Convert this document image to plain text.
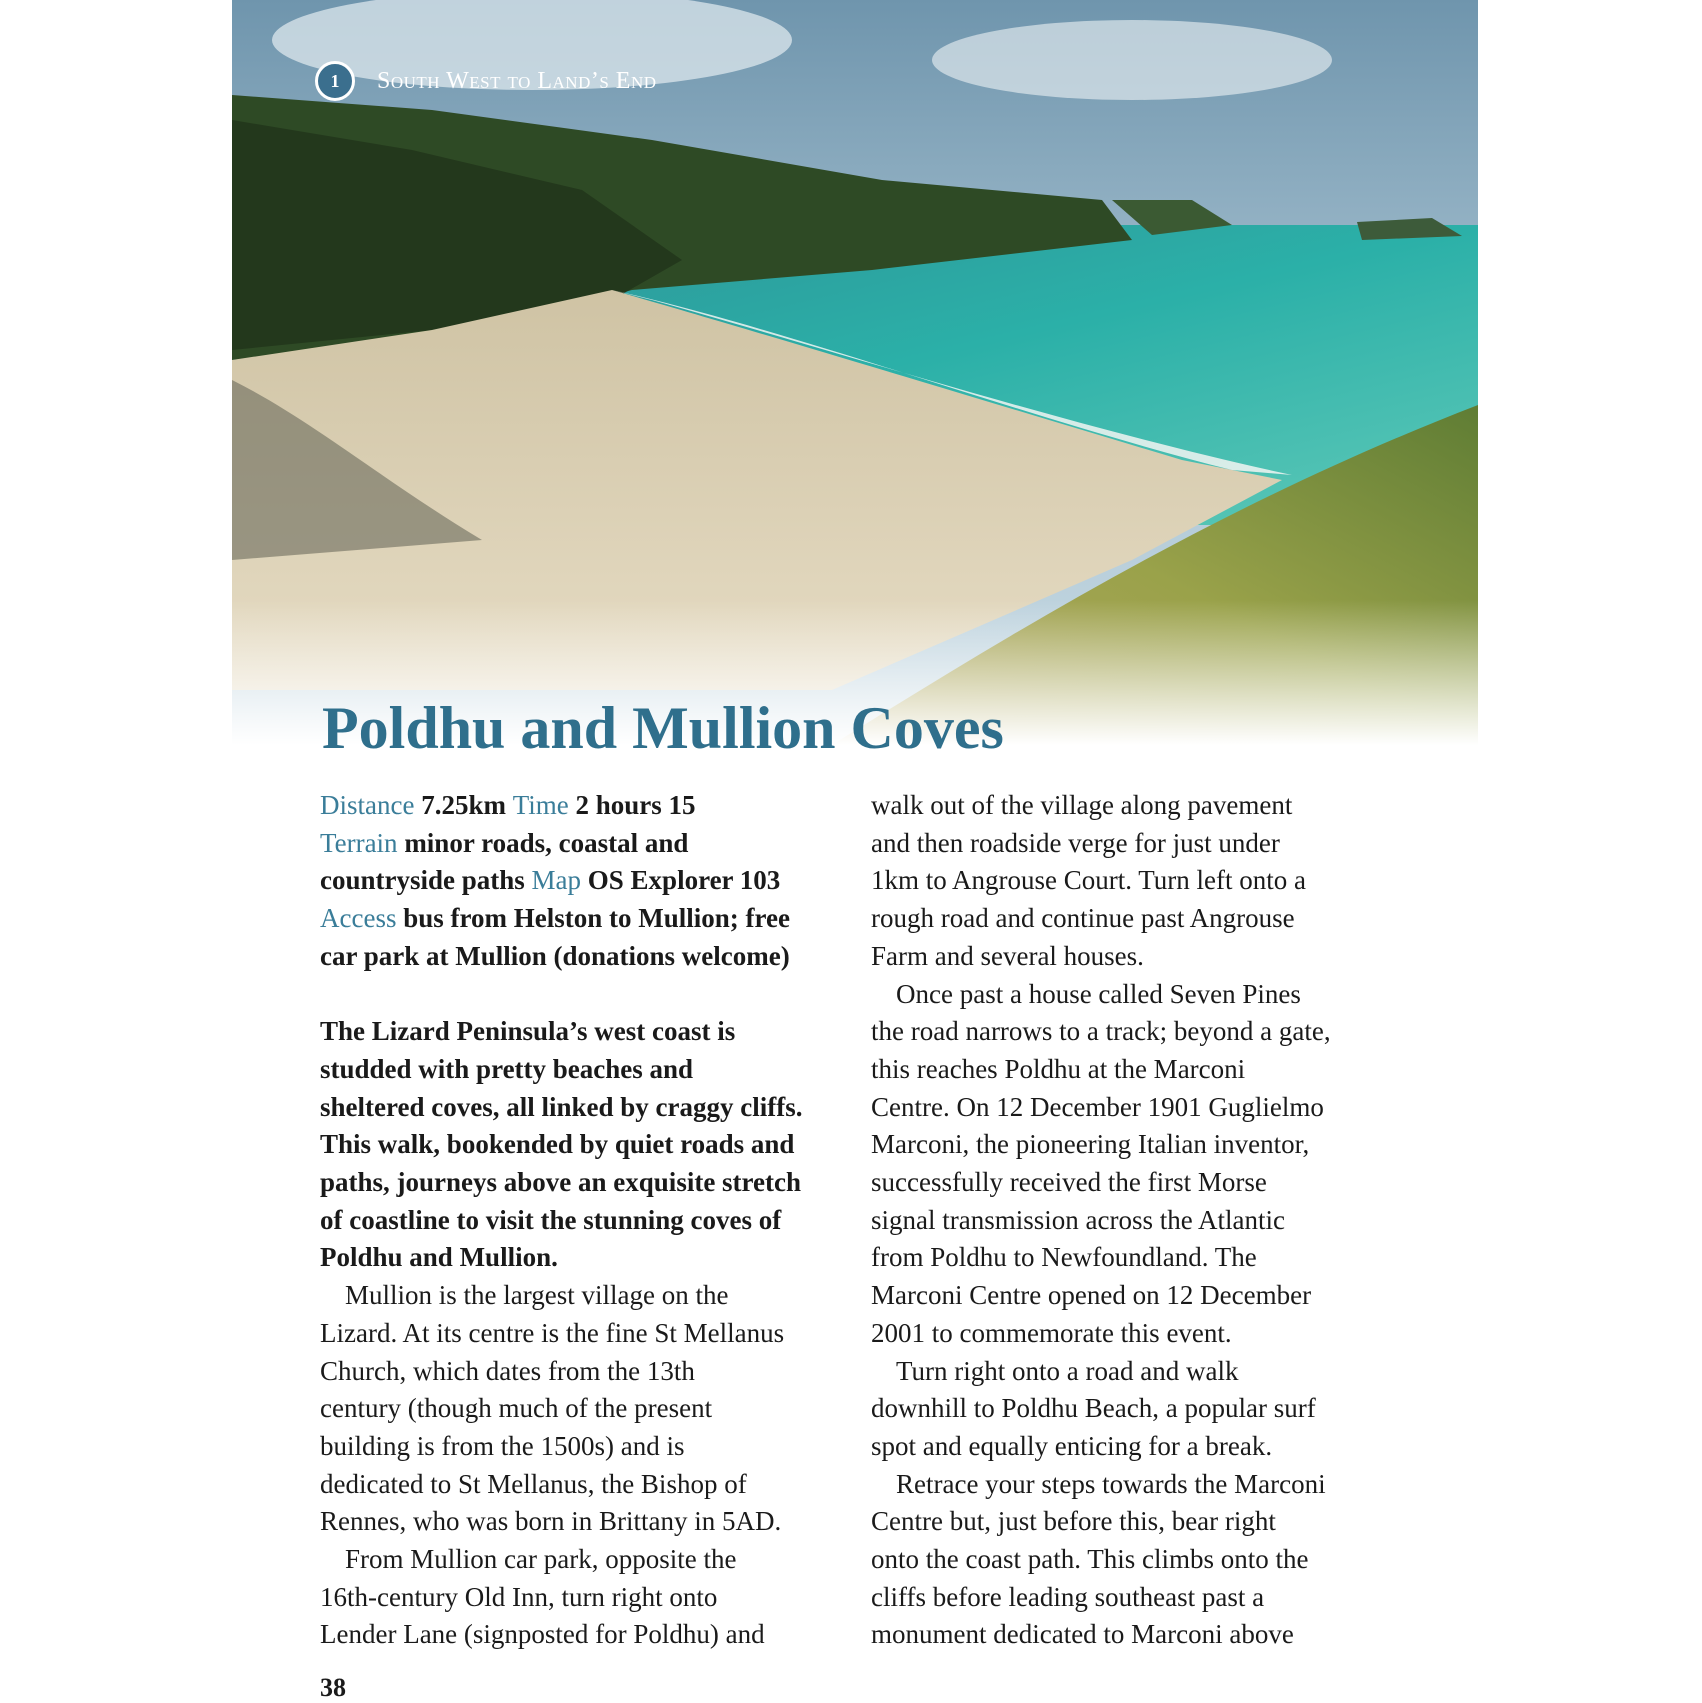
1	South West to Land’s End
Poldhu and Mullion Coves
Distance 7.25km Time 2 hours 15
Terrain minor roads, coastal and
countryside paths Map OS Explorer 103
Access bus from Helston to Mullion; free
car park at Mullion (donations welcome)
The Lizard Peninsula’s west coast is
studded with pretty beaches and
sheltered coves, all linked by craggy cliffs.
This walk, bookended by quiet roads and
paths, journeys above an exquisite stretch
of coastline to visit the stunning coves of
Poldhu and Mullion.
Mullion is the largest village on the
Lizard. At its centre is the fine St Mellanus
Church, which dates from the 13th
century (though much of the present
building is from the 1500s) and is
dedicated to St Mellanus, the Bishop of
Rennes, who was born in Brittany in 5AD.
From Mullion car park, opposite the
16th-century Old Inn, turn right onto
Lender Lane (signposted for Poldhu) and
walk out of the village along pavement
and then roadside verge for just under
1km to Angrouse Court. Turn left onto a
rough road and continue past Angrouse
Farm and several houses.
Once past a house called Seven Pines
the road narrows to a track; beyond a gate,
this reaches Poldhu at the Marconi
Centre. On 12 December 1901 Guglielmo
Marconi, the pioneering Italian inventor,
successfully received the first Morse
signal transmission across the Atlantic
from Poldhu to Newfoundland. The
Marconi Centre opened on 12 December
2001 to commemorate this event.
Turn right onto a road and walk
downhill to Poldhu Beach, a popular surf
spot and equally enticing for a break.
Retrace your steps towards the Marconi
Centre but, just before this, bear right
onto the coast path. This climbs onto the
cliffs before leading southeast past a
monument dedicated to Marconi above
38
